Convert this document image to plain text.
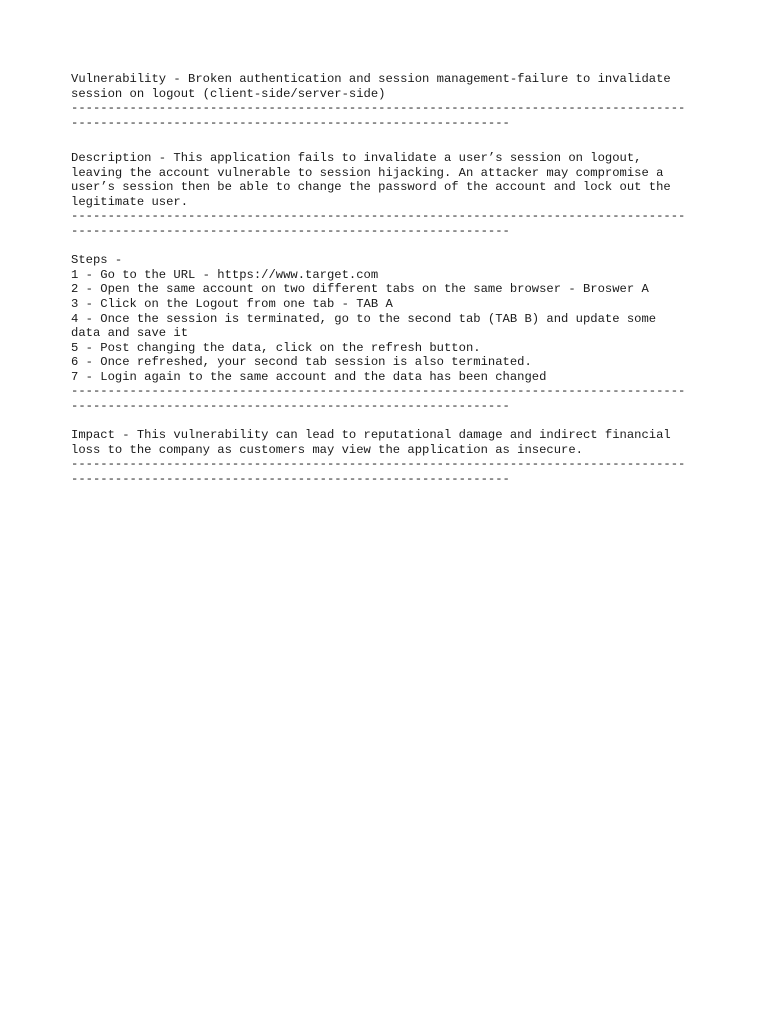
Vulnerability - Broken authentication and session management-failure to invalidate
session on logout (client-side/server-side)
------------------------------------------------------------------------------------
------------------------------------------------------------
Description - This application fails to invalidate a user’s session on logout,
leaving the account vulnerable to session hijacking. An attacker may compromise a
user’s session then be able to change the password of the account and lock out the
legitimate user.
------------------------------------------------------------------------------------
------------------------------------------------------------
Steps -
1 - Go to the URL - https://www.target.com
2 - Open the same account on two different tabs on the same browser - Broswer A
3 - Click on the Logout from one tab - TAB A
4 - Once the session is terminated, go to the second tab (TAB B) and update some
data and save it
5 - Post changing the data, click on the refresh button.
6 - Once refreshed, your second tab session is also terminated.
7 - Login again to the same account and the data has been changed
------------------------------------------------------------------------------------
------------------------------------------------------------
Impact - This vulnerability can lead to reputational damage and indirect financial
loss to the company as customers may view the application as insecure.
------------------------------------------------------------------------------------
------------------------------------------------------------
